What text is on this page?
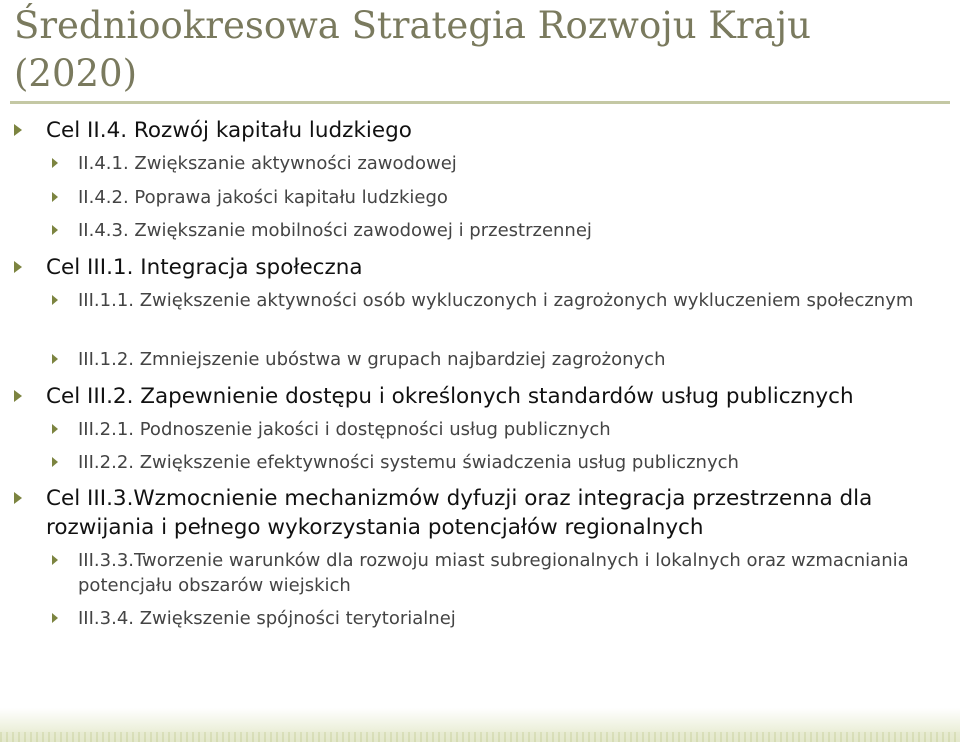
Średniookresowa Strategia Rozwoju Kraju (2020)

Cel II.4. Rozwój kapitału ludzkiego

II.4.1. Zwiększanie aktywności zawodowej

II.4.2. Poprawa jakości kapitału ludzkiego

II.4.3. Zwiększanie mobilności zawodowej i przestrzennej

Cel III.1. Integracja społeczna

III.1.1. Zwiększenie aktywności osób wykluczonych i zagrożonych wykluczeniem społecznym

III.1.2. Zmniejszenie ubóstwa w grupach najbardziej zagrożonych

Cel III.2. Zapewnienie dostępu i określonych standardów usług publicznych

III.2.1. Podnoszenie jakości i dostępności usług publicznych

III.2.2. Zwiększenie efektywności systemu świadczenia usług publicznych

Cel III.3.Wzmocnienie mechanizmów dyfuzji oraz integracja przestrzenna dla rozwijania i pełnego wykorzystania potencjałów regionalnych

III.3.3.Tworzenie warunków dla rozwoju miast subregionalnych i lokalnych oraz wzmacniania potencjału obszarów wiejskich

III.3.4. Zwiększenie spójności terytorialnej
